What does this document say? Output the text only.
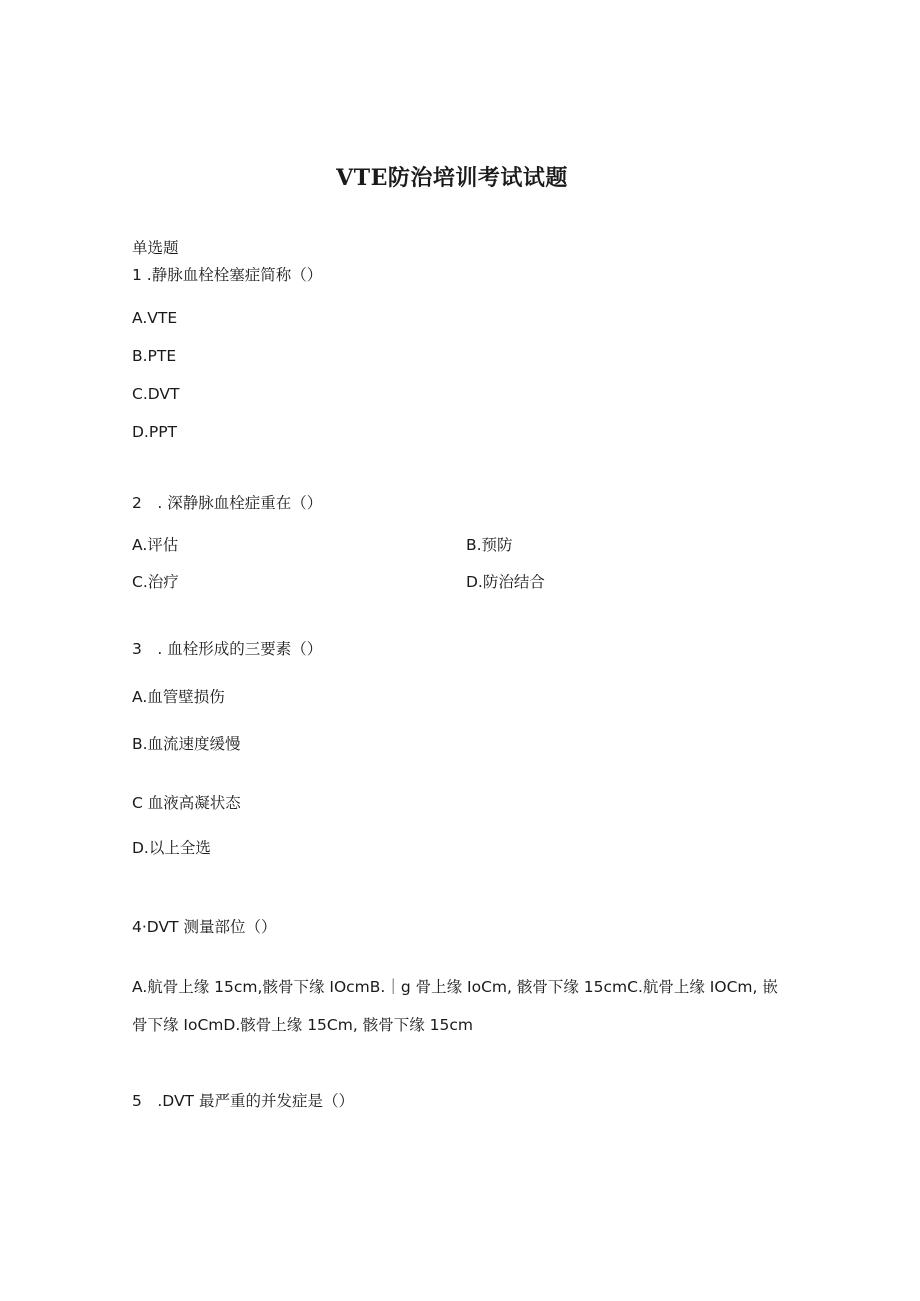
VTE防治培训考试试题
单选题
1 .静脉血栓栓塞症简称（）
A.VTE
B.PTE
C.DVT
D.PPT
2　. 深静脉血栓症重在（）
A.评估	B.预防
C.治疗	D.防治结合
3　. 血栓形成的三要素（）
A.血管壁损伤
B.血流速度缓慢
C 血液高凝状态
D.以上全选
4·DVT 测量部位（）
A.航骨上缘 15cm,骸骨下缘 IOcmB.｜g 骨上缘 IoCm, 骸骨下缘 15cmC.航骨上缘 IOCm, 嵌
骨下缘 IoCmD.骸骨上缘 15Cm, 骸骨下缘 15cm
5　.DVT 最严重的并发症是（）
